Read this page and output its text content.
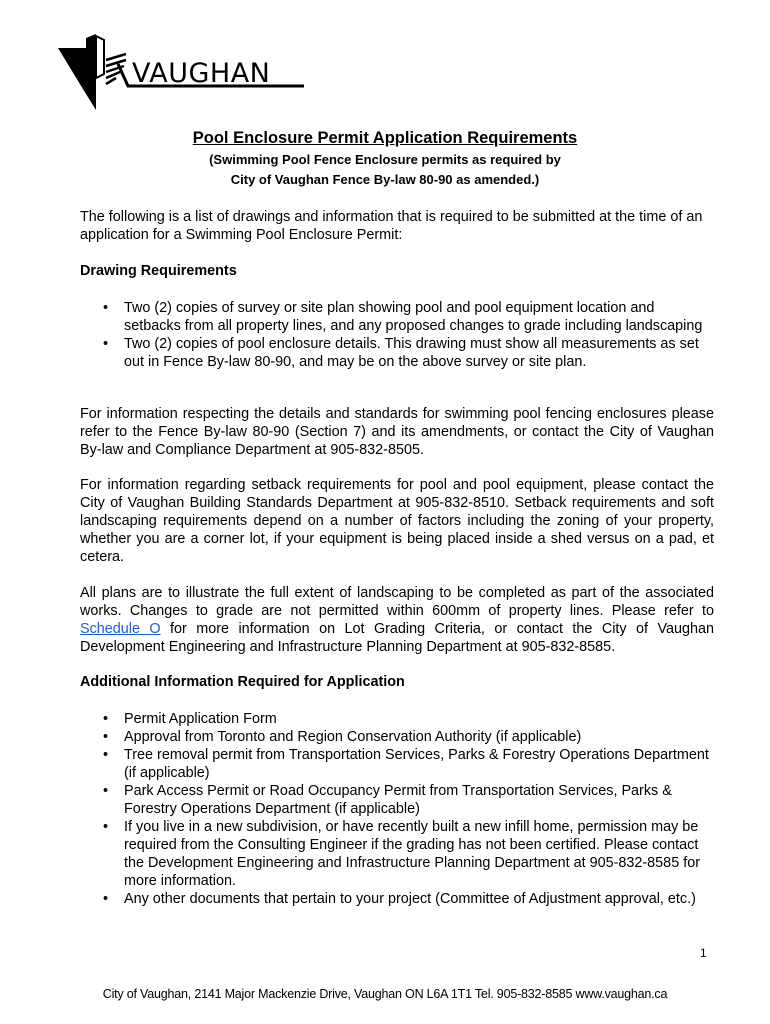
VAUGHAN
Pool Enclosure Permit Application Requirements
(Swimming Pool Fence Enclosure permits as required by
City of Vaughan Fence By-law 80-90 as amended.)
The following is a list of drawings and information that is required to be submitted at the time of an application for a Swimming Pool Enclosure Permit:
Drawing Requirements
• Two (2) copies of survey or site plan showing pool and pool equipment location and setbacks from all property lines, and any proposed changes to grade including landscaping
• Two (2) copies of pool enclosure details. This drawing must show all measurements as set out in Fence By-law 80-90, and may be on the above survey or site plan.
For information respecting the details and standards for swimming pool fencing enclosures please refer to the Fence By-law 80-90 (Section 7) and its amendments, or contact the City of Vaughan By-law and Compliance Department at 905-832-8505.
For information regarding setback requirements for pool and pool equipment, please contact the City of Vaughan Building Standards Department at 905-832-8510. Setback requirements and soft landscaping requirements depend on a number of factors including the zoning of your property, whether you are a corner lot, if your equipment is being placed inside a shed versus on a pad, et cetera.
All plans are to illustrate the full extent of landscaping to be completed as part of the associated works. Changes to grade are not permitted within 600mm of property lines. Please refer to Schedule O for more information on Lot Grading Criteria, or contact the City of Vaughan Development Engineering and Infrastructure Planning Department at 905-832-8585.
Additional Information Required for Application
• Permit Application Form
• Approval from Toronto and Region Conservation Authority (if applicable)
• Tree removal permit from Transportation Services, Parks & Forestry Operations Department (if applicable)
• Park Access Permit or Road Occupancy Permit from Transportation Services, Parks & Forestry Operations Department (if applicable)
• If you live in a new subdivision, or have recently built a new infill home, permission may be required from the Consulting Engineer if the grading has not been certified. Please contact the Development Engineering and Infrastructure Planning Department at 905-832-8585 for more information.
• Any other documents that pertain to your project (Committee of Adjustment approval, etc.)
1
City of Vaughan, 2141 Major Mackenzie Drive, Vaughan ON L6A 1T1 Tel. 905-832-8585 www.vaughan.ca
